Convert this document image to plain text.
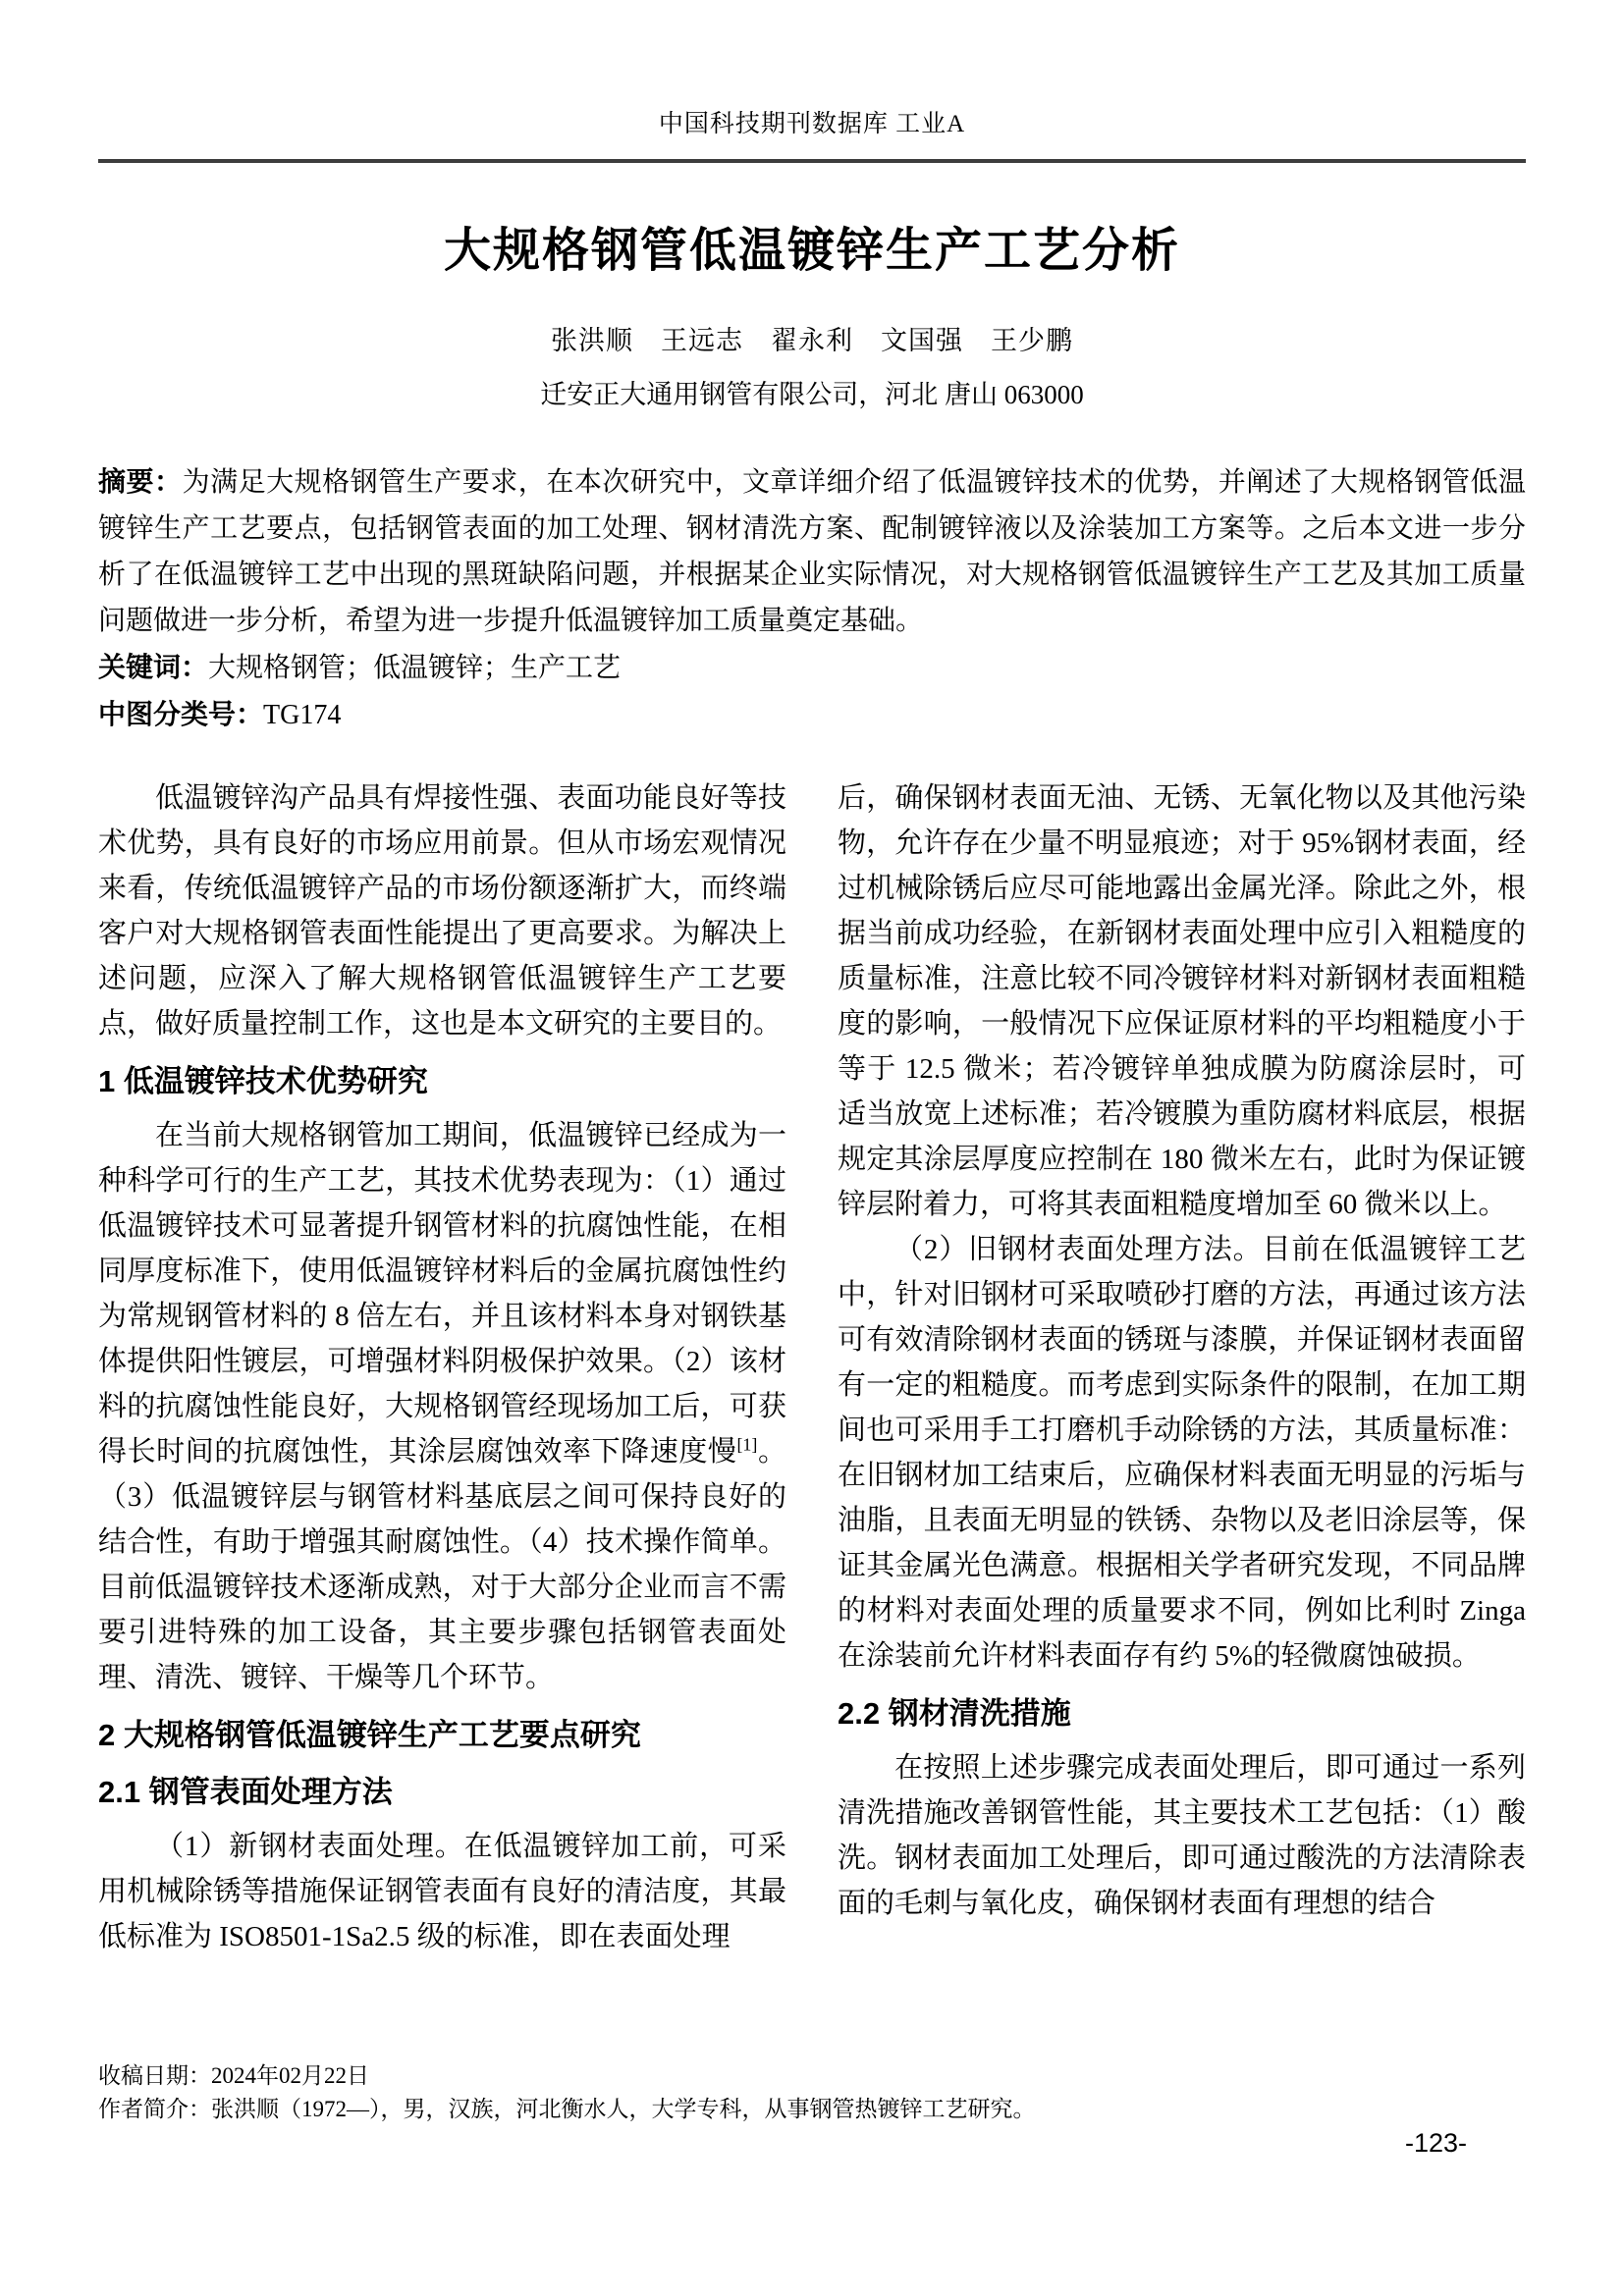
中国科技期刊数据库 工业A
大规格钢管低温镀锌生产工艺分析
张洪顺　王远志　翟永利　文国强　王少鹏
迁安正大通用钢管有限公司，河北 唐山 063000

摘要：为满足大规格钢管生产要求，在本次研究中，文章详细介绍了低温镀锌技术的优势，并阐述了大规格钢管低温镀锌生产工艺要点，包括钢管表面的加工处理、钢材清洗方案、配制镀锌液以及涂装加工方案等。之后本文进一步分析了在低温镀锌工艺中出现的黑斑缺陷问题，并根据某企业实际情况，对大规格钢管低温镀锌生产工艺及其加工质量问题做进一步分析，希望为进一步提升低温镀锌加工质量奠定基础。

关键词：大规格钢管；低温镀锌；生产工艺

中图分类号：TG174

低温镀锌沟产品具有焊接性强、表面功能良好等技术优势，具有良好的市场应用前景。但从市场宏观情况来看，传统低温镀锌产品的市场份额逐渐扩大，而终端客户对大规格钢管表面性能提出了更高要求。为解决上述问题，应深入了解大规格钢管低温镀锌生产工艺要点，做好质量控制工作，这也是本文研究的主要目的。

1 低温镀锌技术优势研究

在当前大规格钢管加工期间，低温镀锌已经成为一种科学可行的生产工艺，其技术优势表现为：（1）通过低温镀锌技术可显著提升钢管材料的抗腐蚀性能，在相同厚度标准下，使用低温镀锌材料后的金属抗腐蚀性约为常规钢管材料的 8 倍左右，并且该材料本身对钢铁基体提供阳性镀层，可增强材料阴极保护效果。（2）该材料的抗腐蚀性能良好，大规格钢管经现场加工后，可获得长时间的抗腐蚀性，其涂层腐蚀效率下降速度慢[1]。（3）低温镀锌层与钢管材料基底层之间可保持良好的结合性，有助于增强其耐腐蚀性。（4）技术操作简单。目前低温镀锌技术逐渐成熟，对于大部分企业而言不需要引进特殊的加工设备，其主要步骤包括钢管表面处理、清洗、镀锌、干燥等几个环节。

2 大规格钢管低温镀锌生产工艺要点研究
2.1 钢管表面处理方法

（1）新钢材表面处理。在低温镀锌加工前，可采用机械除锈等措施保证钢管表面有良好的清洁度，其最低标准为 ISO8501-1Sa2.5 级的标准，即在表面处理

后，确保钢材表面无油、无锈、无氧化物以及其他污染物，允许存在少量不明显痕迹；对于 95%钢材表面，经过机械除锈后应尽可能地露出金属光泽。除此之外，根据当前成功经验，在新钢材表面处理中应引入粗糙度的质量标准，注意比较不同冷镀锌材料对新钢材表面粗糙度的影响，一般情况下应保证原材料的平均粗糙度小于等于 12.5 微米；若冷镀锌单独成膜为防腐涂层时，可适当放宽上述标准；若冷镀膜为重防腐材料底层，根据规定其涂层厚度应控制在 180 微米左右，此时为保证镀锌层附着力，可将其表面粗糙度增加至 60 微米以上。

（2）旧钢材表面处理方法。目前在低温镀锌工艺中，针对旧钢材可采取喷砂打磨的方法，再通过该方法可有效清除钢材表面的锈斑与漆膜，并保证钢材表面留有一定的粗糙度。而考虑到实际条件的限制，在加工期间也可采用手工打磨机手动除锈的方法，其质量标准：在旧钢材加工结束后，应确保材料表面无明显的污垢与油脂，且表面无明显的铁锈、杂物以及老旧涂层等，保证其金属光色满意。根据相关学者研究发现，不同品牌的材料对表面处理的质量要求不同，例如比利时 Zinga 在涂装前允许材料表面存有约 5%的轻微腐蚀破损。

2.2 钢材清洗措施

在按照上述步骤完成表面处理后，即可通过一系列清洗措施改善钢管性能，其主要技术工艺包括：（1）酸洗。钢材表面加工处理后，即可通过酸洗的方法清除表面的毛刺与氧化皮，确保钢材表面有理想的结合

收稿日期：2024年02月22日

作者简介：张洪顺（1972—），男，汉族，河北衡水人，大学专科，从事钢管热镀锌工艺研究。

-123-
